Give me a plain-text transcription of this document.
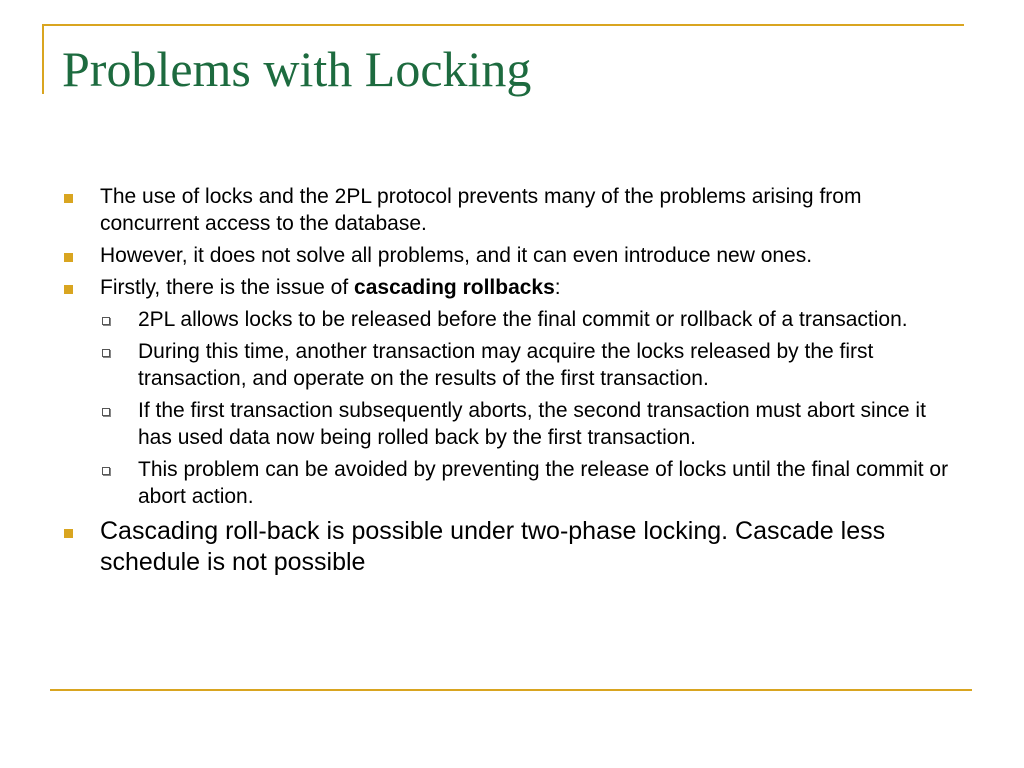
Problems with Locking
The use of locks and the 2PL protocol prevents many of the problems arising from concurrent access to the database.
However, it does not solve all problems, and it can even introduce new ones.
Firstly, there is the issue of cascading rollbacks:
2PL allows locks to be released before the final commit or rollback of a transaction.
During this time, another transaction may acquire the locks released by the first transaction, and operate on the results of the first transaction.
If the first transaction subsequently aborts, the second transaction must abort since it has used data now being rolled back by the first transaction.
This problem can be avoided by preventing the release of locks until the final commit or abort action.
Cascading roll-back is possible under two-phase locking. Cascade less schedule is not possible
